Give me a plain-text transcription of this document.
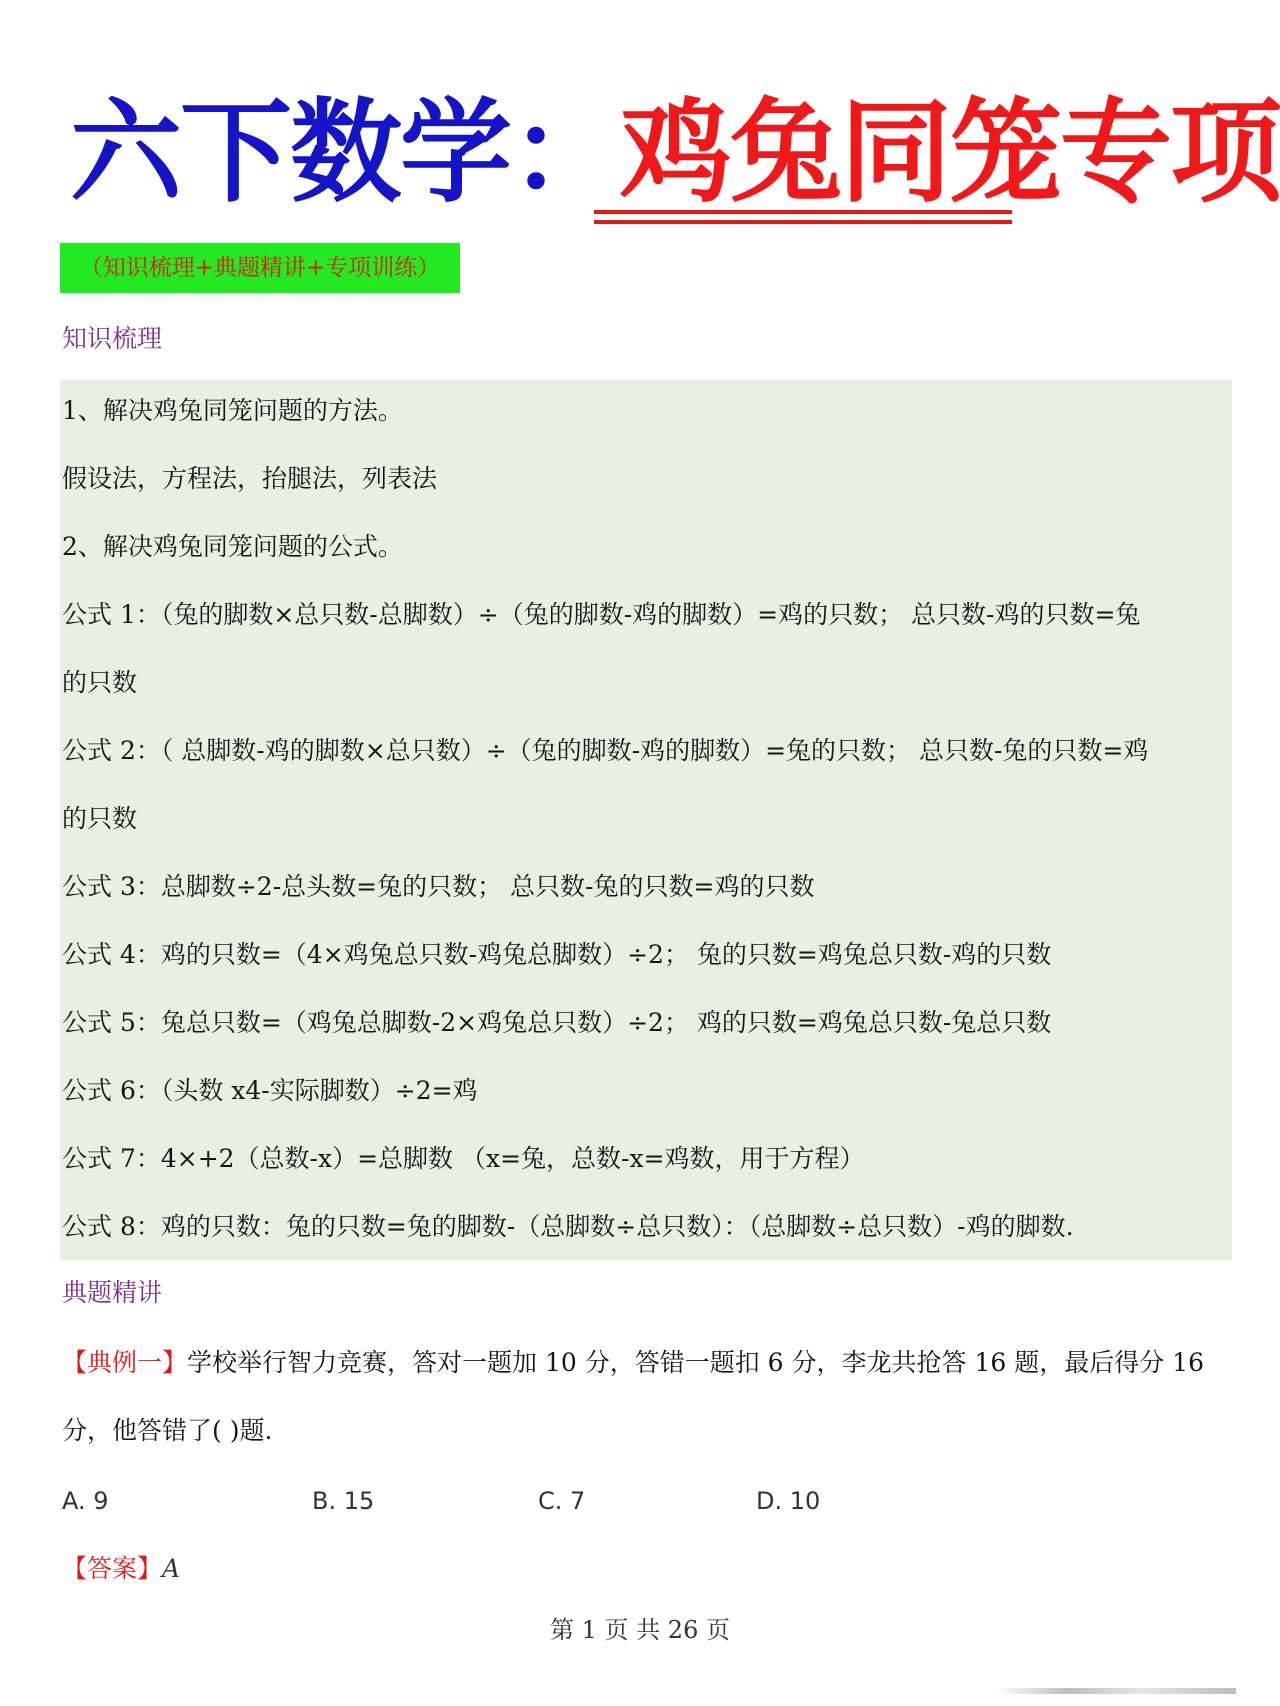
六下数学：鸡兔同笼专项
（知识梳理+典题精讲+专项训练）
知识梳理
1、解决鸡兔同笼问题的方法。
假设法，方程法，抬腿法，列表法
2、解决鸡兔同笼问题的公式。
公式 1：（兔的脚数×总只数-总脚数）÷（兔的脚数-鸡的脚数）=鸡的只数； 总只数-鸡的只数=兔
的只数
公式 2：（ 总脚数-鸡的脚数×总只数）÷（兔的脚数-鸡的脚数）=兔的只数； 总只数-兔的只数=鸡
的只数
公式 3：总脚数÷2-总头数=兔的只数； 总只数-兔的只数=鸡的只数
公式 4：鸡的只数=（4×鸡兔总只数-鸡兔总脚数）÷2； 兔的只数=鸡兔总只数-鸡的只数
公式 5：兔总只数=（鸡兔总脚数-2×鸡兔总只数）÷2； 鸡的只数=鸡兔总只数-兔总只数
公式 6：（头数 x4-实际脚数）÷2=鸡
公式 7：4×+2（总数-x）=总脚数 （x=兔，总数-x=鸡数，用于方程）
公式 8：鸡的只数：兔的只数=兔的脚数-（总脚数÷总只数）：（总脚数÷总只数）-鸡的脚数.
典题精讲
【典例一】学校举行智力竞赛，答对一题加 10 分，答错一题扣 6 分，李龙共抢答 16 题，最后得分 16
分，他答错了( )题.
A. 9	B. 15	C. 7	D. 10
【答案】A
第 1 页 共 26 页
